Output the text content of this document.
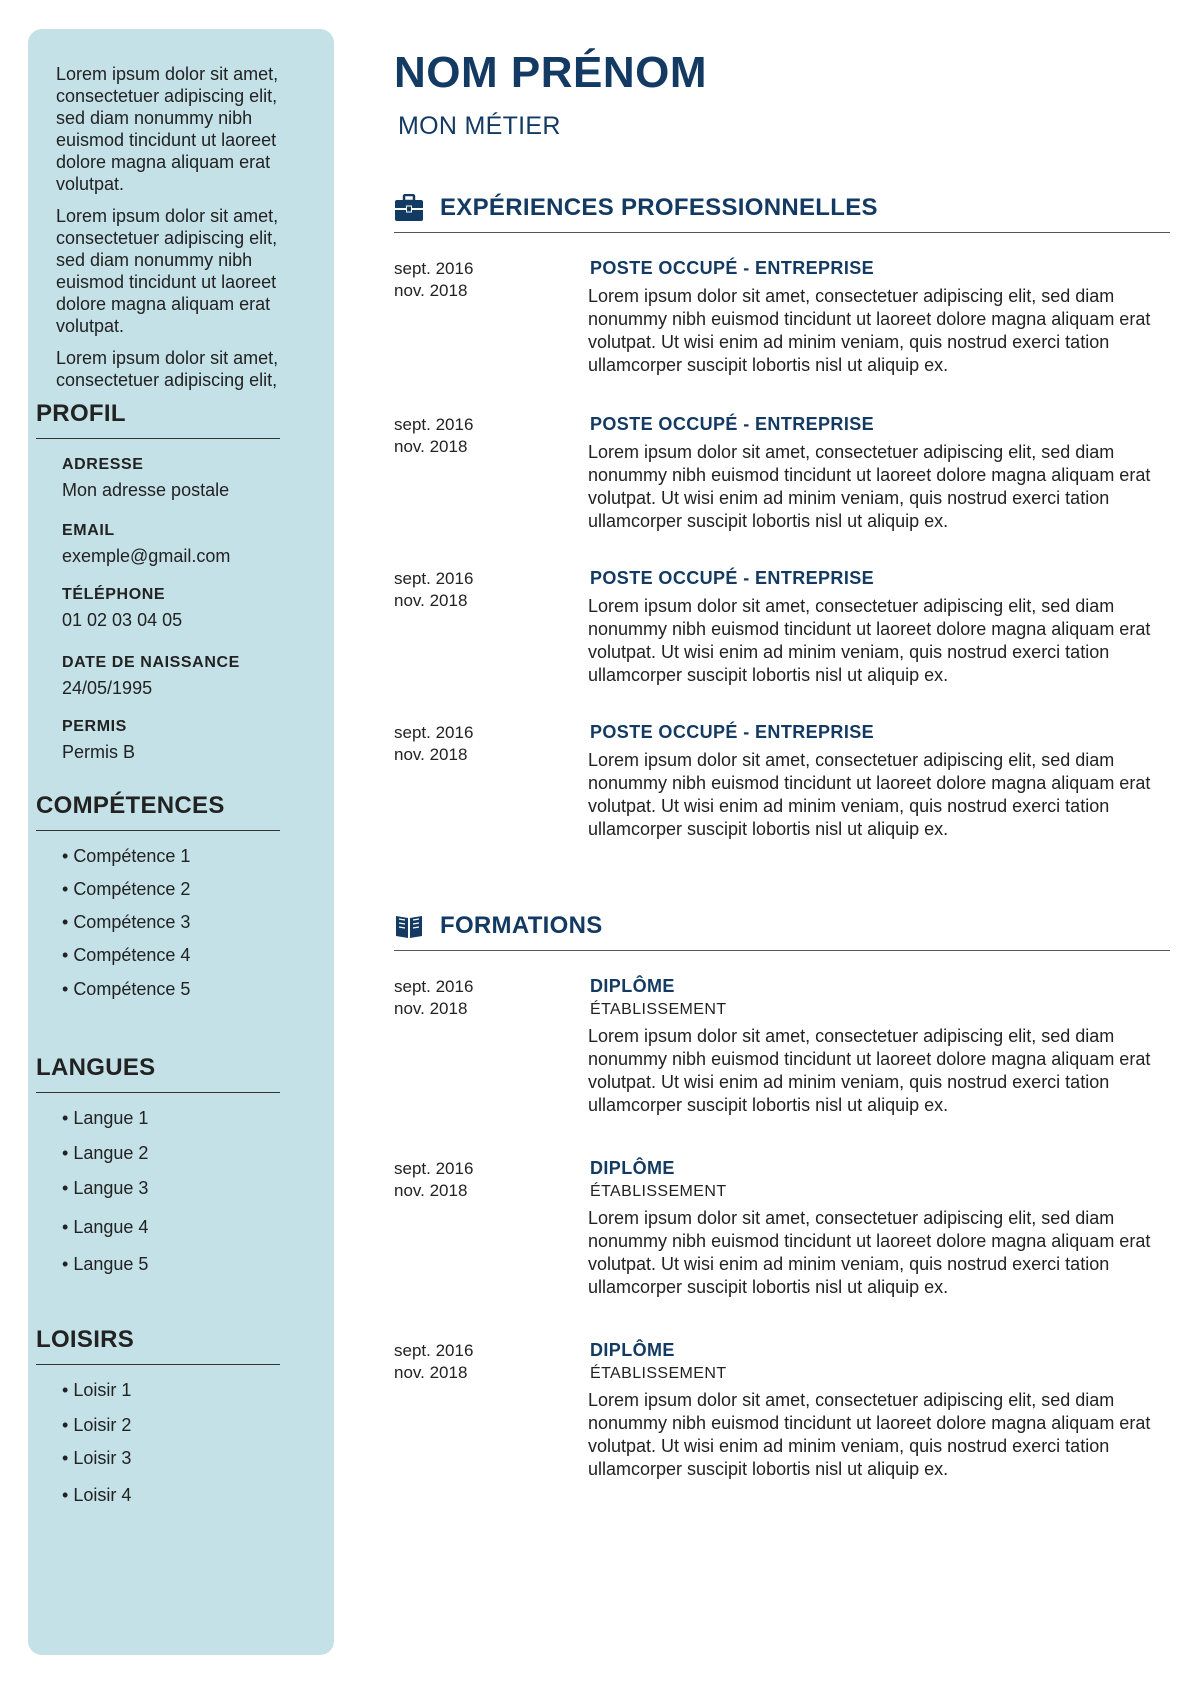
Lorem ipsum dolor sit amet, consectetuer adipiscing elit, sed diam nonummy nibh euismod tincidunt ut laoreet dolore magna aliquam erat volutpat.

Lorem ipsum dolor sit amet, consectetuer adipiscing elit, sed diam nonummy nibh euismod tincidunt ut laoreet dolore magna aliquam erat volutpat.

Lorem ipsum dolor sit amet, consectetuer adipiscing elit,

PROFIL

ADRESSE

Mon adresse postale

EMAIL

exemple@gmail.com

TÉLÉPHONE

01 02 03 04 05

DATE DE NAISSANCE

24/05/1995

PERMIS

Permis B

COMPÉTENCES
• Compétence 1
• Compétence 2
• Compétence 3
• Compétence 4
• Compétence 5
LANGUES
• Langue 1
• Langue 2
• Langue 3
• Langue 4
• Langue 5
LOISIRS
• Loisir 1
• Loisir 2
• Loisir 3
• Loisir 4
NOM PRÉNOM

MON MÉTIER

EXPÉRIENCES PROFESSIONNELLES
sept. 2016
nov. 2018

POSTE OCCUPÉ - ENTREPRISE

Lorem ipsum dolor sit amet, consectetuer adipiscing elit, sed diam nonummy nibh euismod tincidunt ut laoreet dolore magna aliquam erat volutpat. Ut wisi enim ad minim veniam, quis nostrud exerci tation ullamcorper suscipit lobortis nisl ut aliquip ex.

sept. 2016
nov. 2018

POSTE OCCUPÉ - ENTREPRISE

Lorem ipsum dolor sit amet, consectetuer adipiscing elit, sed diam nonummy nibh euismod tincidunt ut laoreet dolore magna aliquam erat volutpat. Ut wisi enim ad minim veniam, quis nostrud exerci tation ullamcorper suscipit lobortis nisl ut aliquip ex.

sept. 2016
nov. 2018

POSTE OCCUPÉ - ENTREPRISE

Lorem ipsum dolor sit amet, consectetuer adipiscing elit, sed diam nonummy nibh euismod tincidunt ut laoreet dolore magna aliquam erat volutpat. Ut wisi enim ad minim veniam, quis nostrud exerci tation ullamcorper suscipit lobortis nisl ut aliquip ex.

sept. 2016
nov. 2018

POSTE OCCUPÉ - ENTREPRISE

Lorem ipsum dolor sit amet, consectetuer adipiscing elit, sed diam nonummy nibh euismod tincidunt ut laoreet dolore magna aliquam erat volutpat. Ut wisi enim ad minim veniam, quis nostrud exerci tation ullamcorper suscipit lobortis nisl ut aliquip ex.

FORMATIONS
sept. 2016
nov. 2018

DIPLÔME

ÉTABLISSEMENT

Lorem ipsum dolor sit amet, consectetuer adipiscing elit, sed diam nonummy nibh euismod tincidunt ut laoreet dolore magna aliquam erat volutpat. Ut wisi enim ad minim veniam, quis nostrud exerci tation ullamcorper suscipit lobortis nisl ut aliquip ex.

sept. 2016
nov. 2018

DIPLÔME

ÉTABLISSEMENT

Lorem ipsum dolor sit amet, consectetuer adipiscing elit, sed diam nonummy nibh euismod tincidunt ut laoreet dolore magna aliquam erat volutpat. Ut wisi enim ad minim veniam, quis nostrud exerci tation ullamcorper suscipit lobortis nisl ut aliquip ex.

sept. 2016
nov. 2018

DIPLÔME

ÉTABLISSEMENT

Lorem ipsum dolor sit amet, consectetuer adipiscing elit, sed diam nonummy nibh euismod tincidunt ut laoreet dolore magna aliquam erat volutpat. Ut wisi enim ad minim veniam, quis nostrud exerci tation ullamcorper suscipit lobortis nisl ut aliquip ex.
